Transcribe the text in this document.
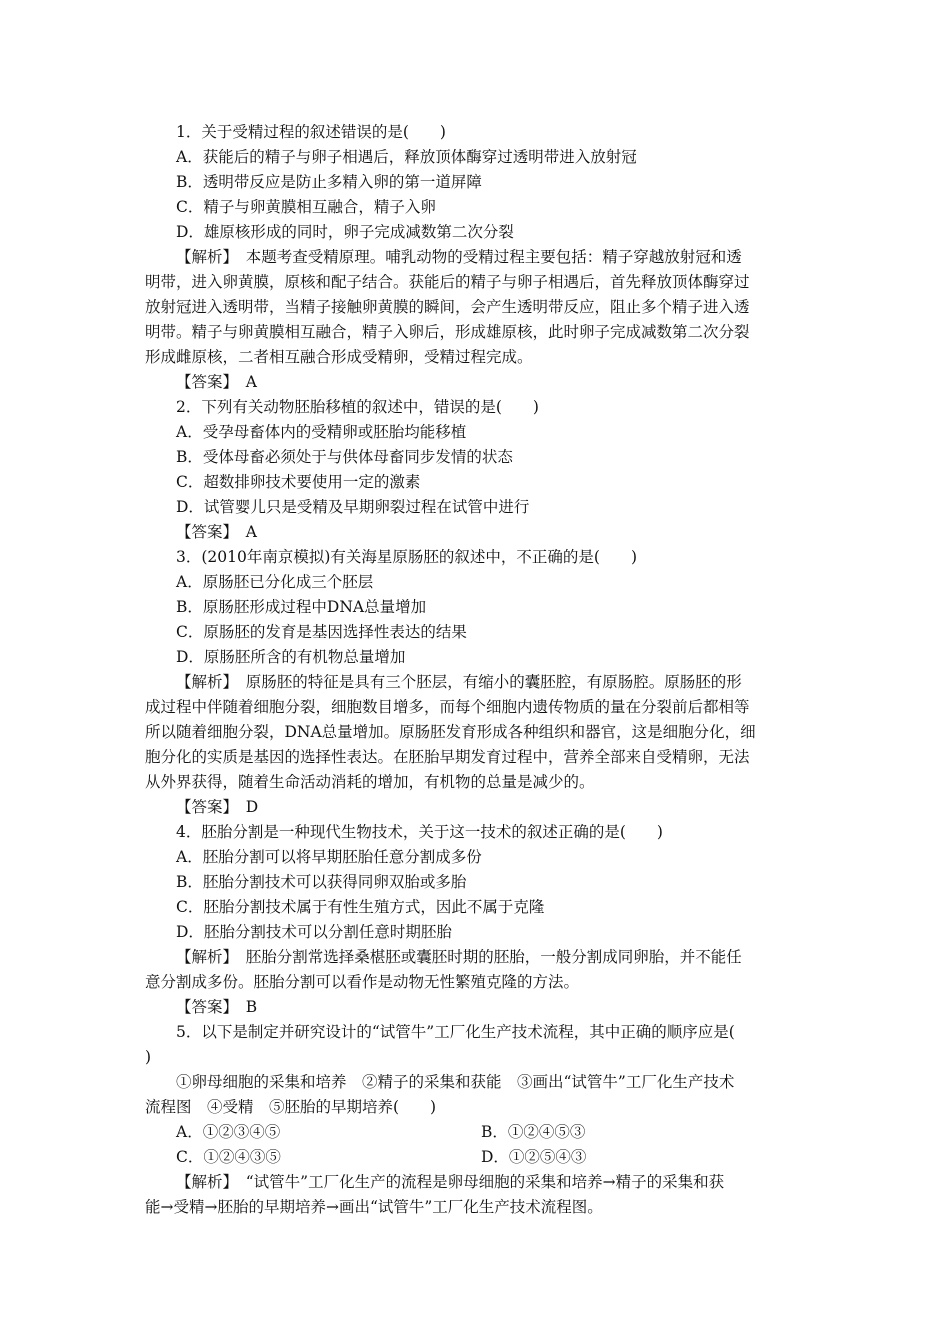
1．关于受精过程的叙述错误的是(　　)

A．获能后的精子与卵子相遇后，释放顶体酶穿过透明带进入放射冠

B．透明带反应是防止多精入卵的第一道屏障

C．精子与卵黄膜相互融合，精子入卵

D．雄原核形成的同时，卵子完成减数第二次分裂

【解析】　本题考查受精原理。哺乳动物的受精过程主要包括：精子穿越放射冠和透

明带，进入卵黄膜，原核和配子结合。获能后的精子与卵子相遇后，首先释放顶体酶穿过

放射冠进入透明带，当精子接触卵黄膜的瞬间，会产生透明带反应，阻止多个精子进入透

明带。精子与卵黄膜相互融合，精子入卵后，形成雄原核，此时卵子完成减数第二次分裂

形成雌原核，二者相互融合形成受精卵，受精过程完成。

【答案】　A

2．下列有关动物胚胎移植的叙述中，错误的是(　　)

A．受孕母畜体内的受精卵或胚胎均能移植

B．受体母畜必须处于与供体母畜同步发情的状态

C．超数排卵技术要使用一定的激素

D．试管婴儿只是受精及早期卵裂过程在试管中进行

【答案】　A

3．(2010年南京模拟)有关海星原肠胚的叙述中，不正确的是(　　)

A．原肠胚已分化成三个胚层

B．原肠胚形成过程中DNA总量增加

C．原肠胚的发育是基因选择性表达的结果

D．原肠胚所含的有机物总量增加

【解析】　原肠胚的特征是具有三个胚层，有缩小的囊胚腔，有原肠腔。原肠胚的形

成过程中伴随着细胞分裂，细胞数目增多，而每个细胞内遗传物质的量在分裂前后都相等

所以随着细胞分裂，DNA总量增加。原肠胚发育形成各种组织和器官，这是细胞分化，细

胞分化的实质是基因的选择性表达。在胚胎早期发育过程中，营养全部来自受精卵，无法

从外界获得，随着生命活动消耗的增加，有机物的总量是减少的。

【答案】　D

4．胚胎分割是一种现代生物技术，关于这一技术的叙述正确的是(　　)

A．胚胎分割可以将早期胚胎任意分割成多份

B．胚胎分割技术可以获得同卵双胎或多胎

C．胚胎分割技术属于有性生殖方式，因此不属于克隆

D．胚胎分割技术可以分割任意时期胚胎

【解析】　胚胎分割常选择桑椹胚或囊胚时期的胚胎，一般分割成同卵胎，并不能任

意分割成多份。胚胎分割可以看作是动物无性繁殖克隆的方法。

【答案】　B

5．以下是制定并研究设计的“试管牛”工厂化生产技术流程，其中正确的顺序应是(

)

①卵母细胞的采集和培养　②精子的采集和获能　③画出“试管牛”工厂化生产技术

流程图　④受精　⑤胚胎的早期培养(　　)

A．①②③④⑤	B．①②④⑤③
C．①②④③⑤	D．①②⑤④③

【解析】　“试管牛”工厂化生产的流程是卵母细胞的采集和培养→精子的采集和获

能→受精→胚胎的早期培养→画出“试管牛”工厂化生产技术流程图。
